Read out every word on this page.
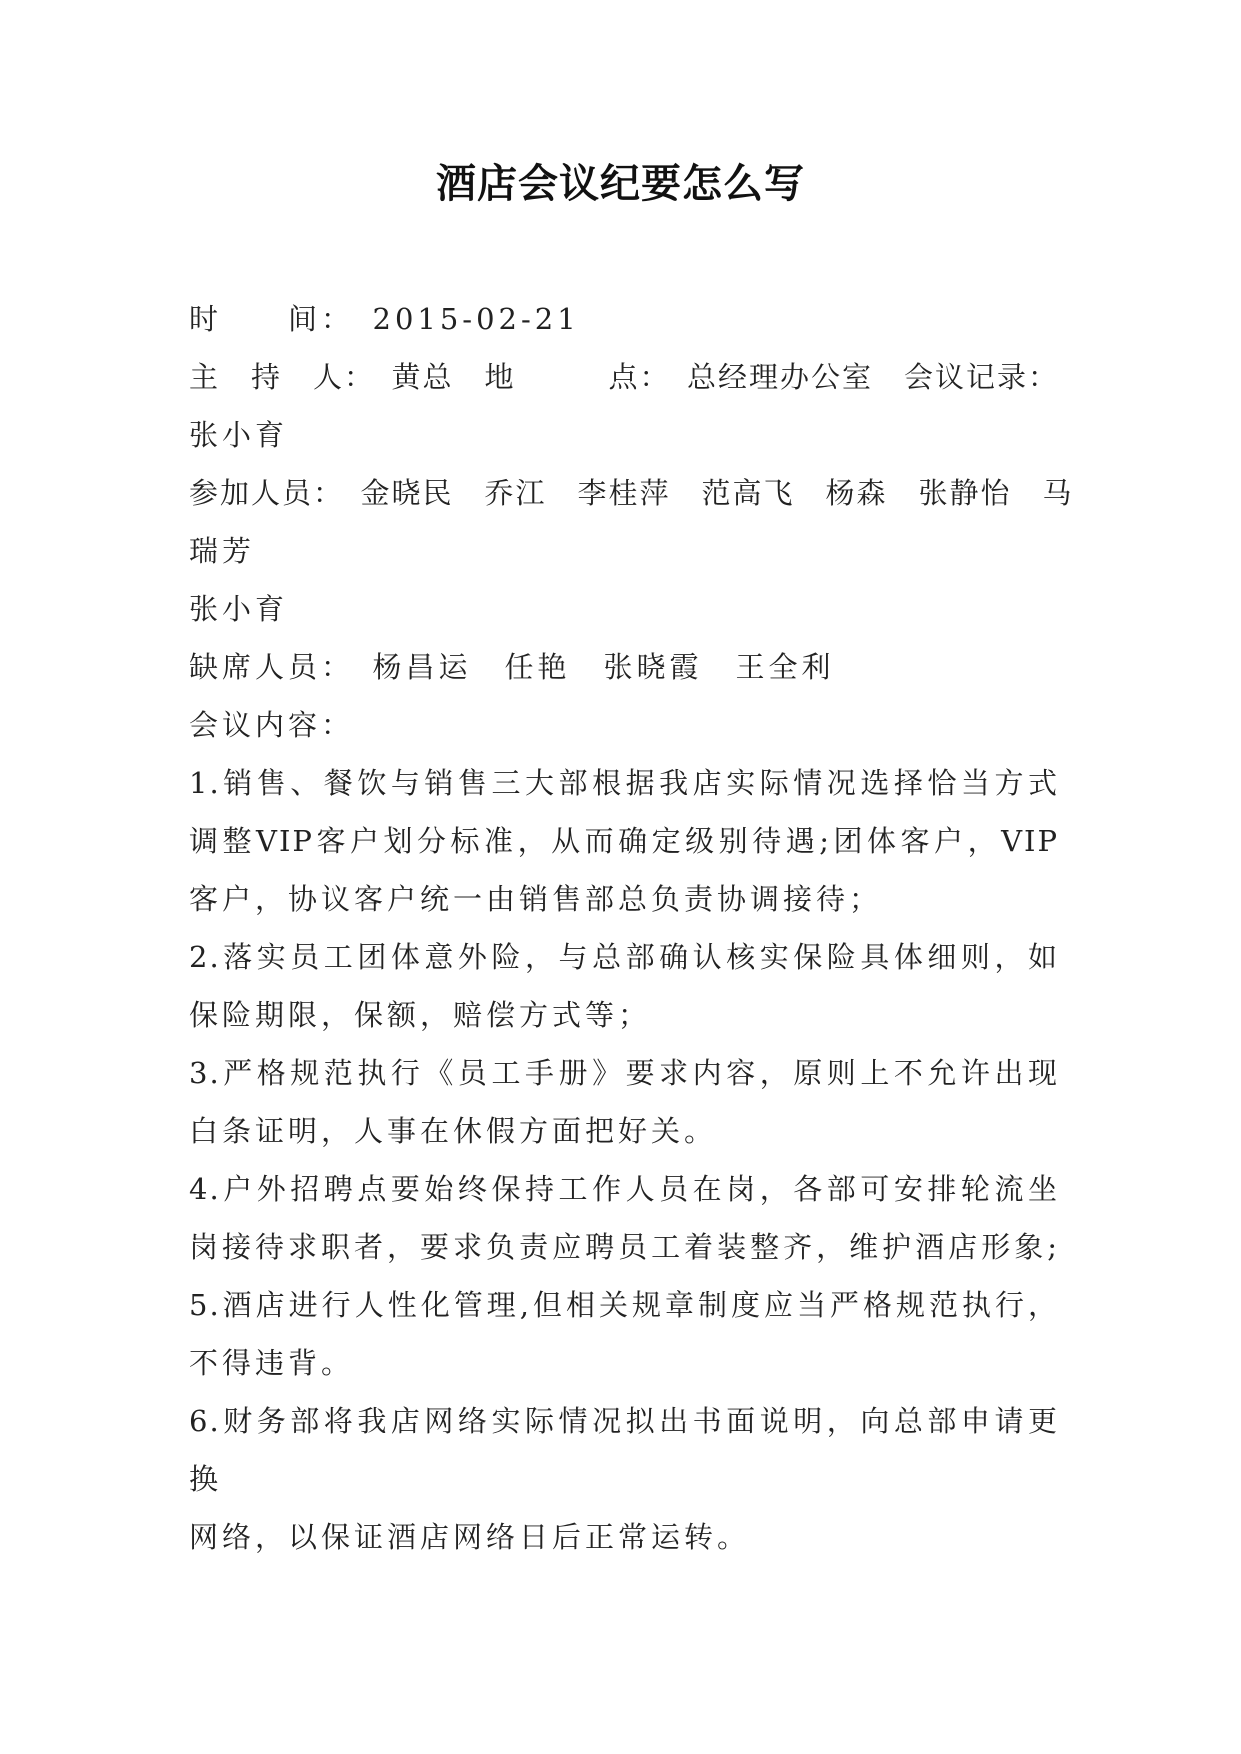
酒店会议纪要怎么写
时　　间：　2015-02-21
主　持　人：　黄总　地　　　点：　总经理办公室　会议记录：
张小育
参加人员：　金晓民　乔江　李桂萍　范高飞　杨森　张静怡　马
瑞芳
张小育
缺席人员：　杨昌运　任艳　张晓霞　王全利
会议内容：
1.销售、餐饮与销售三大部根据我店实际情况选择恰当方式
调整VIP客户划分标准，从而确定级别待遇;团体客户，VIP
客户，协议客户统一由销售部总负责协调接待；
2.落实员工团体意外险，与总部确认核实保险具体细则，如
保险期限，保额，赔偿方式等；
3.严格规范执行《员工手册》要求内容，原则上不允许出现
白条证明，人事在休假方面把好关。
4.户外招聘点要始终保持工作人员在岗，各部可安排轮流坐
岗接待求职者，要求负责应聘员工着装整齐，维护酒店形象;
5.酒店进行人性化管理,但相关规章制度应当严格规范执行，
不得违背。
6.财务部将我店网络实际情况拟出书面说明，向总部申请更
换
网络，以保证酒店网络日后正常运转。
